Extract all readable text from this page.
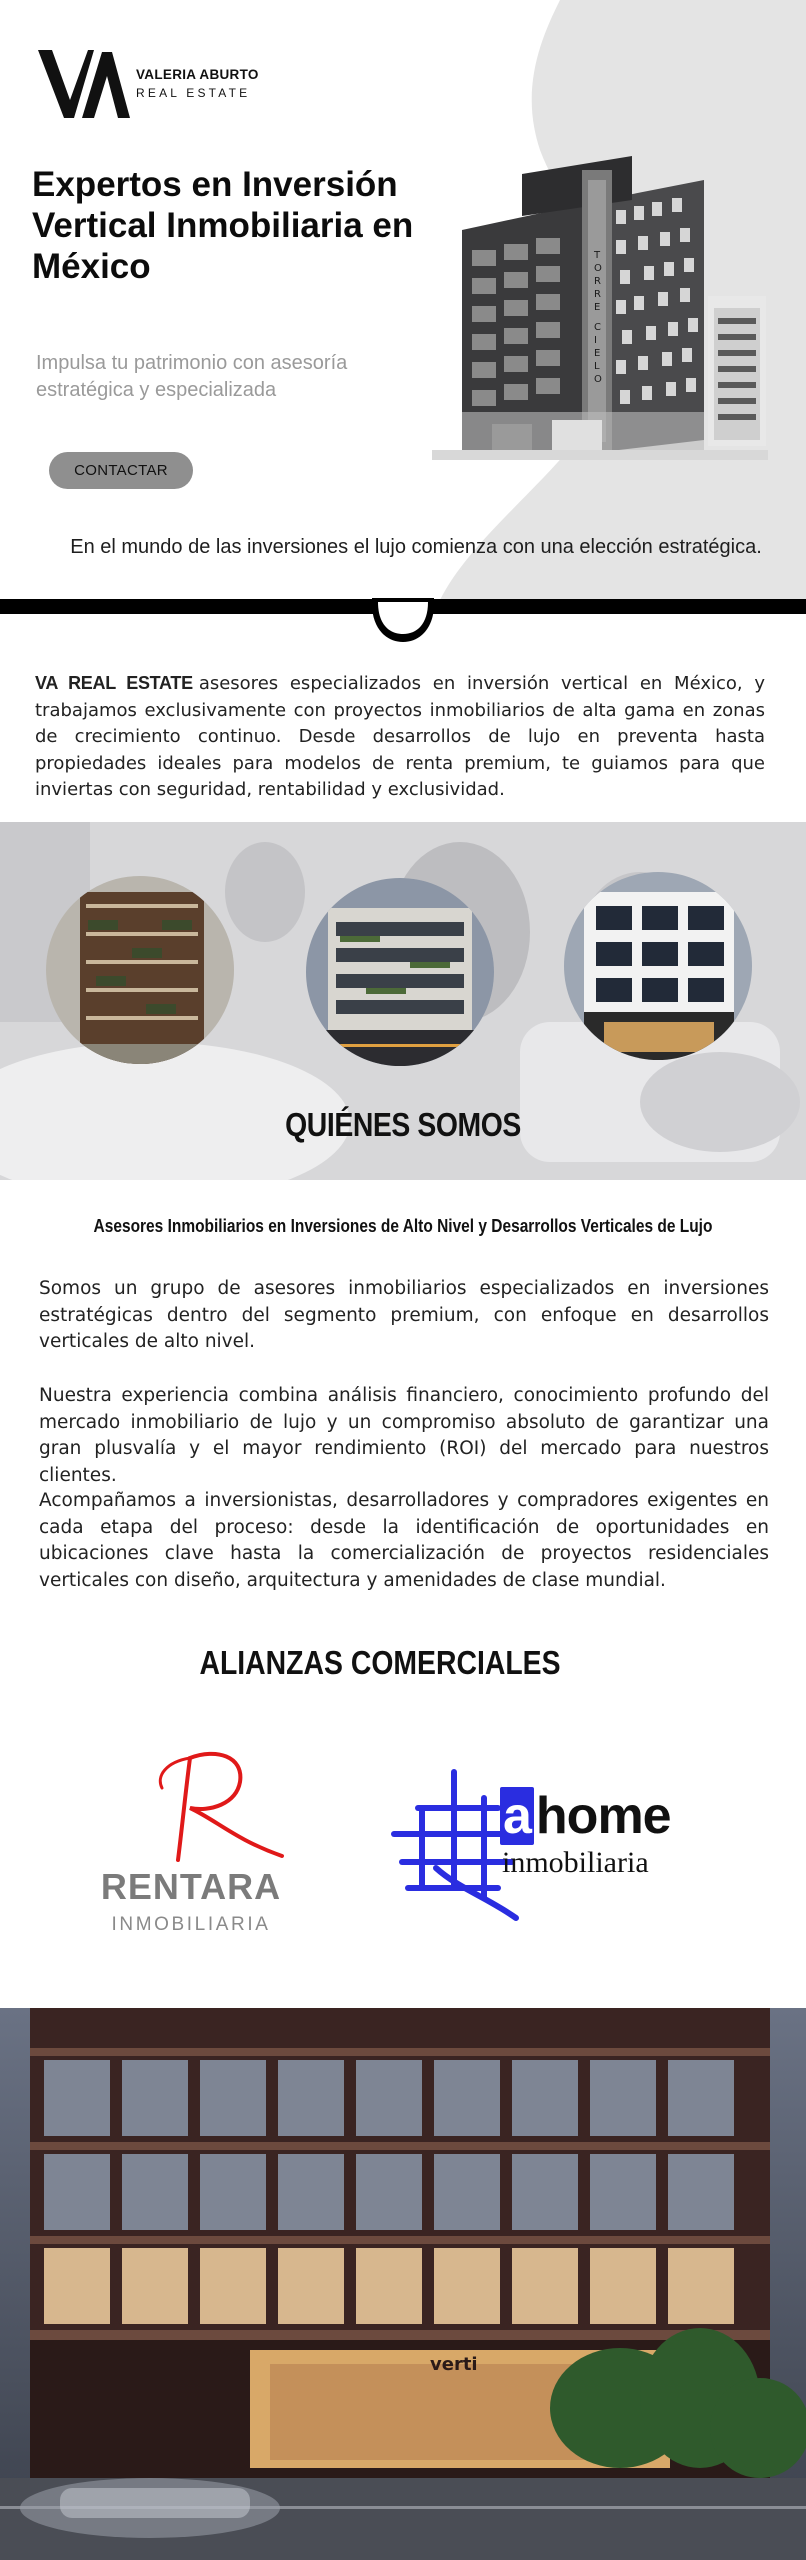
VALERIA ABURTO
REAL ESTATE
Expertos en Inversión Vertical Inmobiliaria en México

Impulsa tu patrimonio con asesoría estratégica y especializada

CONTACTAR
T O R R E C I E L O

En el mundo de las inversiones el lujo comienza con una elección estratégica.

VA REAL ESTATE asesores especializados en inversión vertical en México, y trabajamos exclusivamente con proyectos inmobiliarios de alta gama en zonas de crecimiento continuo. Desde desarrollos de lujo en preventa hasta propiedades ideales para modelos de renta premium, te guiamos para que inviertas con seguridad, rentabilidad y exclusividad.

QUIÉNES SOMOS
Asesores Inmobiliarios en Inversiones de Alto Nivel y Desarrollos Verticales de Lujo

Somos un grupo de asesores inmobiliarios especializados en inversiones estratégicas dentro del segmento premium, con enfoque en desarrollos verticales de alto nivel.

Nuestra experiencia combina análisis financiero, conocimiento profundo del mercado inmobiliario de lujo y un compromiso absoluto de garantizar una gran plusvalía y el mayor rendimiento (ROI) del mercado para nuestros clientes.

Acompañamos a inversionistas, desarrolladores y compradores exigentes en cada etapa del proceso: desde la identificación de oportunidades en ubicaciones clave hasta la comercialización de proyectos residenciales verticales con diseño, arquitectura y amenidades de clase mundial.

ALIANZAS COMERCIALES
RENTARA
INMOBILIARIA
ahome
inmobiliaria
verti
